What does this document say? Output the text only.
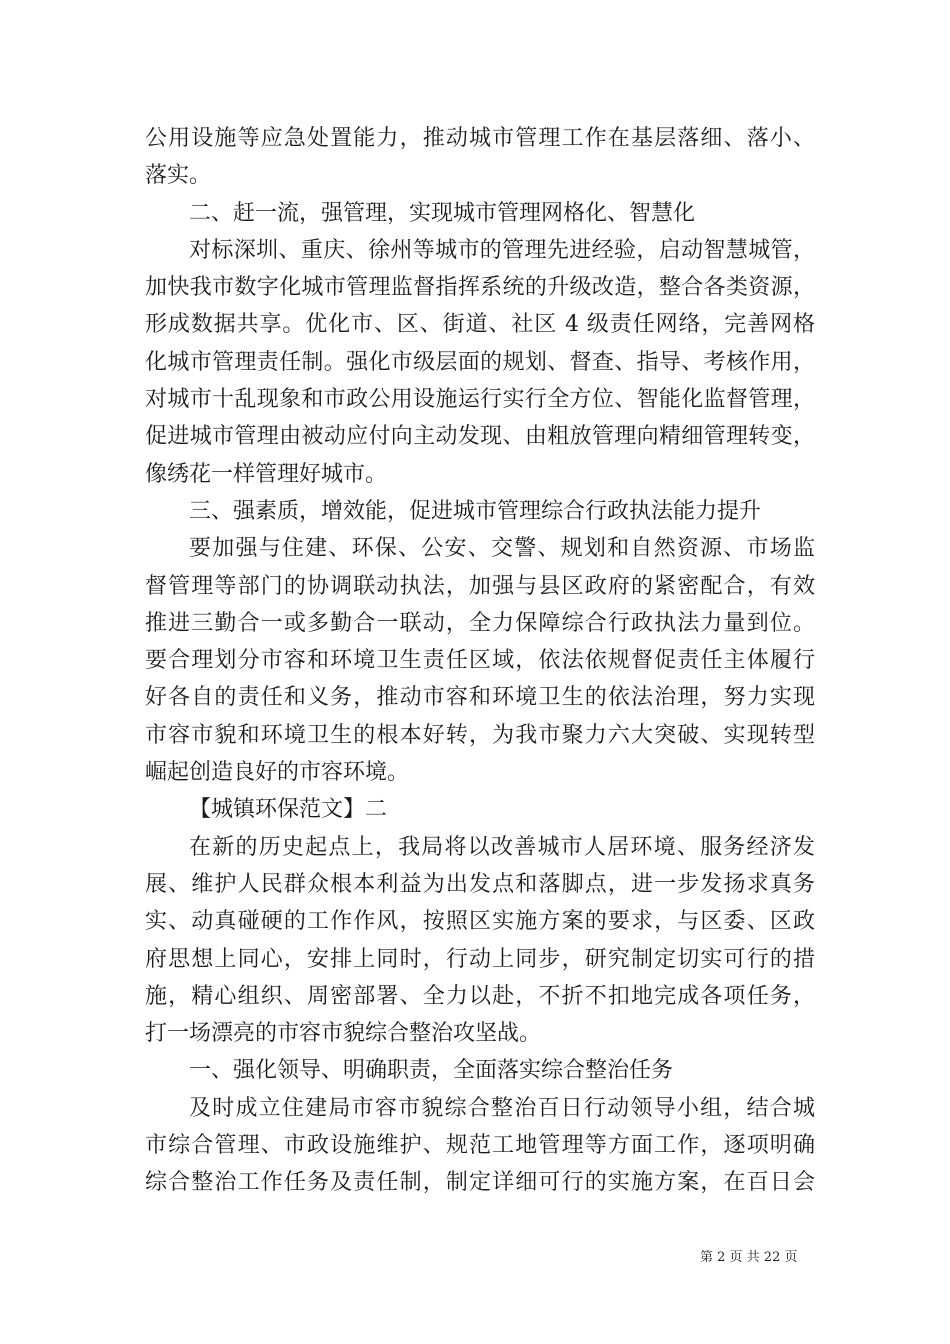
公用设施等应急处置能力，推动城市管理工作在基层落细、落小、
落实。
二、赶一流，强管理，实现城市管理网格化、智慧化
对标深圳、重庆、徐州等城市的管理先进经验，启动智慧城管，
加快我市数字化城市管理监督指挥系统的升级改造，整合各类资源，
形成数据共享。优化市、区、街道、社区 4 级责任网络，完善网格
化城市管理责任制。强化市级层面的规划、督查、指导、考核作用，
对城市十乱现象和市政公用设施运行实行全方位、智能化监督管理，
促进城市管理由被动应付向主动发现、由粗放管理向精细管理转变，
像绣花一样管理好城市。
三、强素质，增效能，促进城市管理综合行政执法能力提升
要加强与住建、环保、公安、交警、规划和自然资源、市场监
督管理等部门的协调联动执法，加强与县区政府的紧密配合，有效
推进三勤合一或多勤合一联动，全力保障综合行政执法力量到位。
要合理划分市容和环境卫生责任区域，依法依规督促责任主体履行
好各自的责任和义务，推动市容和环境卫生的依法治理，努力实现
市容市貌和环境卫生的根本好转，为我市聚力六大突破、实现转型
崛起创造良好的市容环境。
【城镇环保范文】二
在新的历史起点上，我局将以改善城市人居环境、服务经济发
展、维护人民群众根本利益为出发点和落脚点，进一步发扬求真务
实、动真碰硬的工作作风，按照区实施方案的要求，与区委、区政
府思想上同心，安排上同时，行动上同步，研究制定切实可行的措
施，精心组织、周密部署、全力以赴，不折不扣地完成各项任务，
打一场漂亮的市容市貌综合整治攻坚战。
一、强化领导、明确职责，全面落实综合整治任务
及时成立住建局市容市貌综合整治百日行动领导小组，结合城
市综合管理、市政设施维护、规范工地管理等方面工作，逐项明确
综合整治工作任务及责任制，制定详细可行的实施方案，在百日会
第 2 页 共 22 页
